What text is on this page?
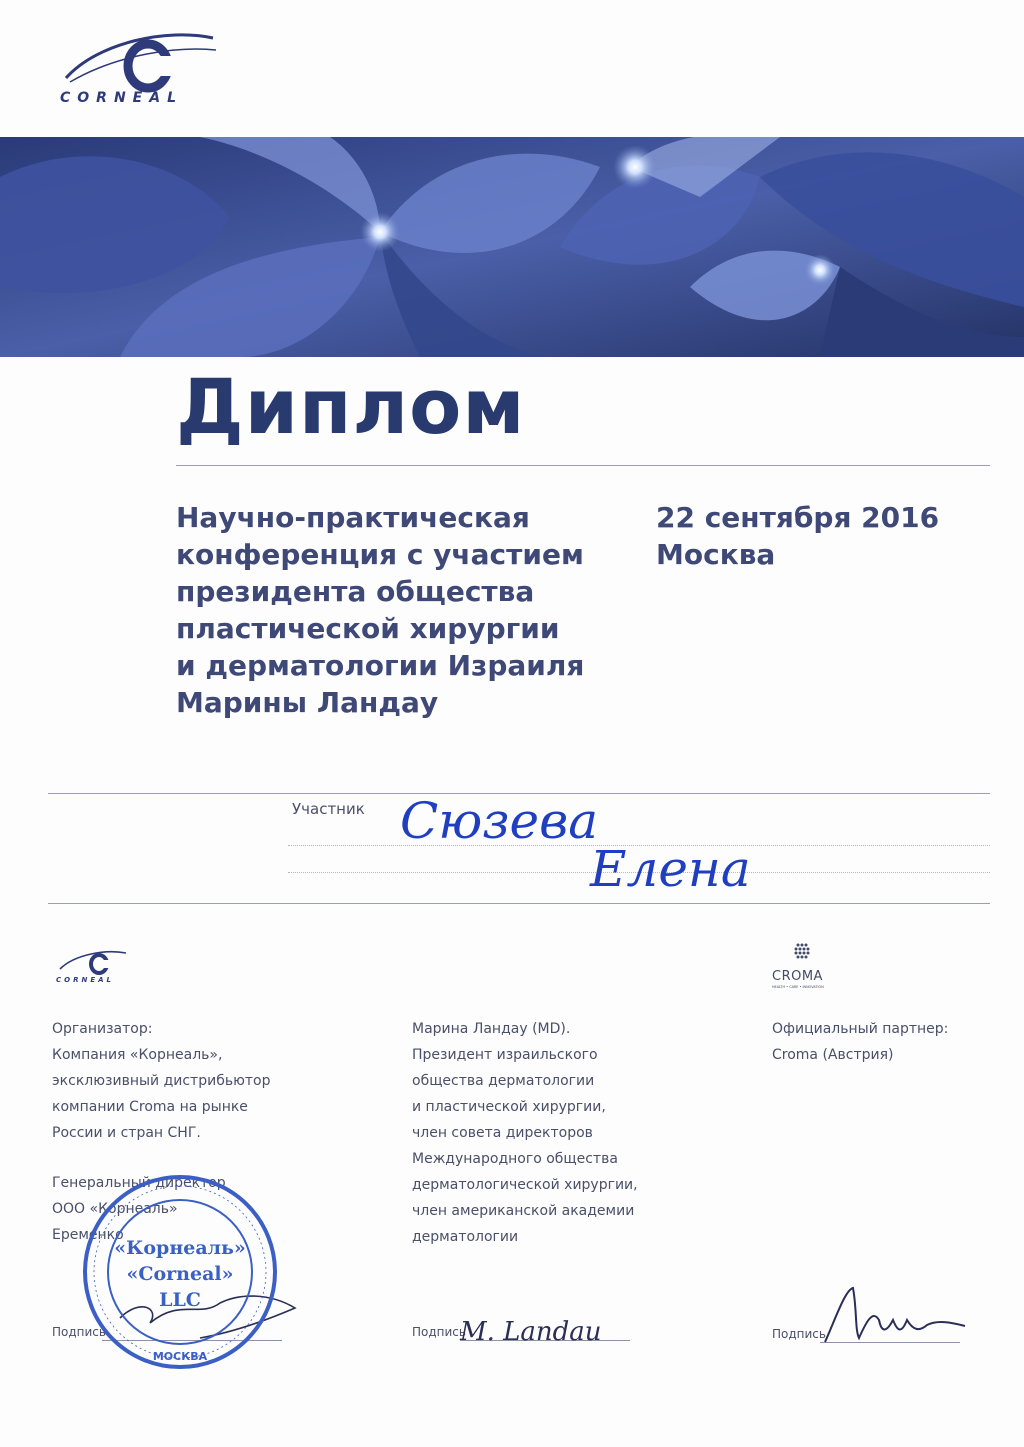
CORNEAL
Диплом
Научно-практическая
конференция с участием
президента общества
пластической хирургии
и дерматологии Израиля
Марины Ландау
22 сентября 2016
Москва
Участник Сюзева
Елена
CORNEAL	CROMA
HEALTH • CARE • INNOVATION
Организатор:
Компания «Корнеаль»,
эксклюзивный дистрибьютор
компании Croma на рынке
России и стран СНГ.
Генеральный директор
ООО «Корнеаль»
Еременко
Марина Ландау (MD).
Президент израильского
общества дерматологии
и пластической хирургии,
член совета директоров
Международного общества
дерматологической хирургии,
член американской академии
дерматологии
Официальный партнер:
Croma (Австрия)
Подпись	Подпись	Подпись
M. Landau
«Корнеаль»
«Corneal»
LLC
МОСКВА
